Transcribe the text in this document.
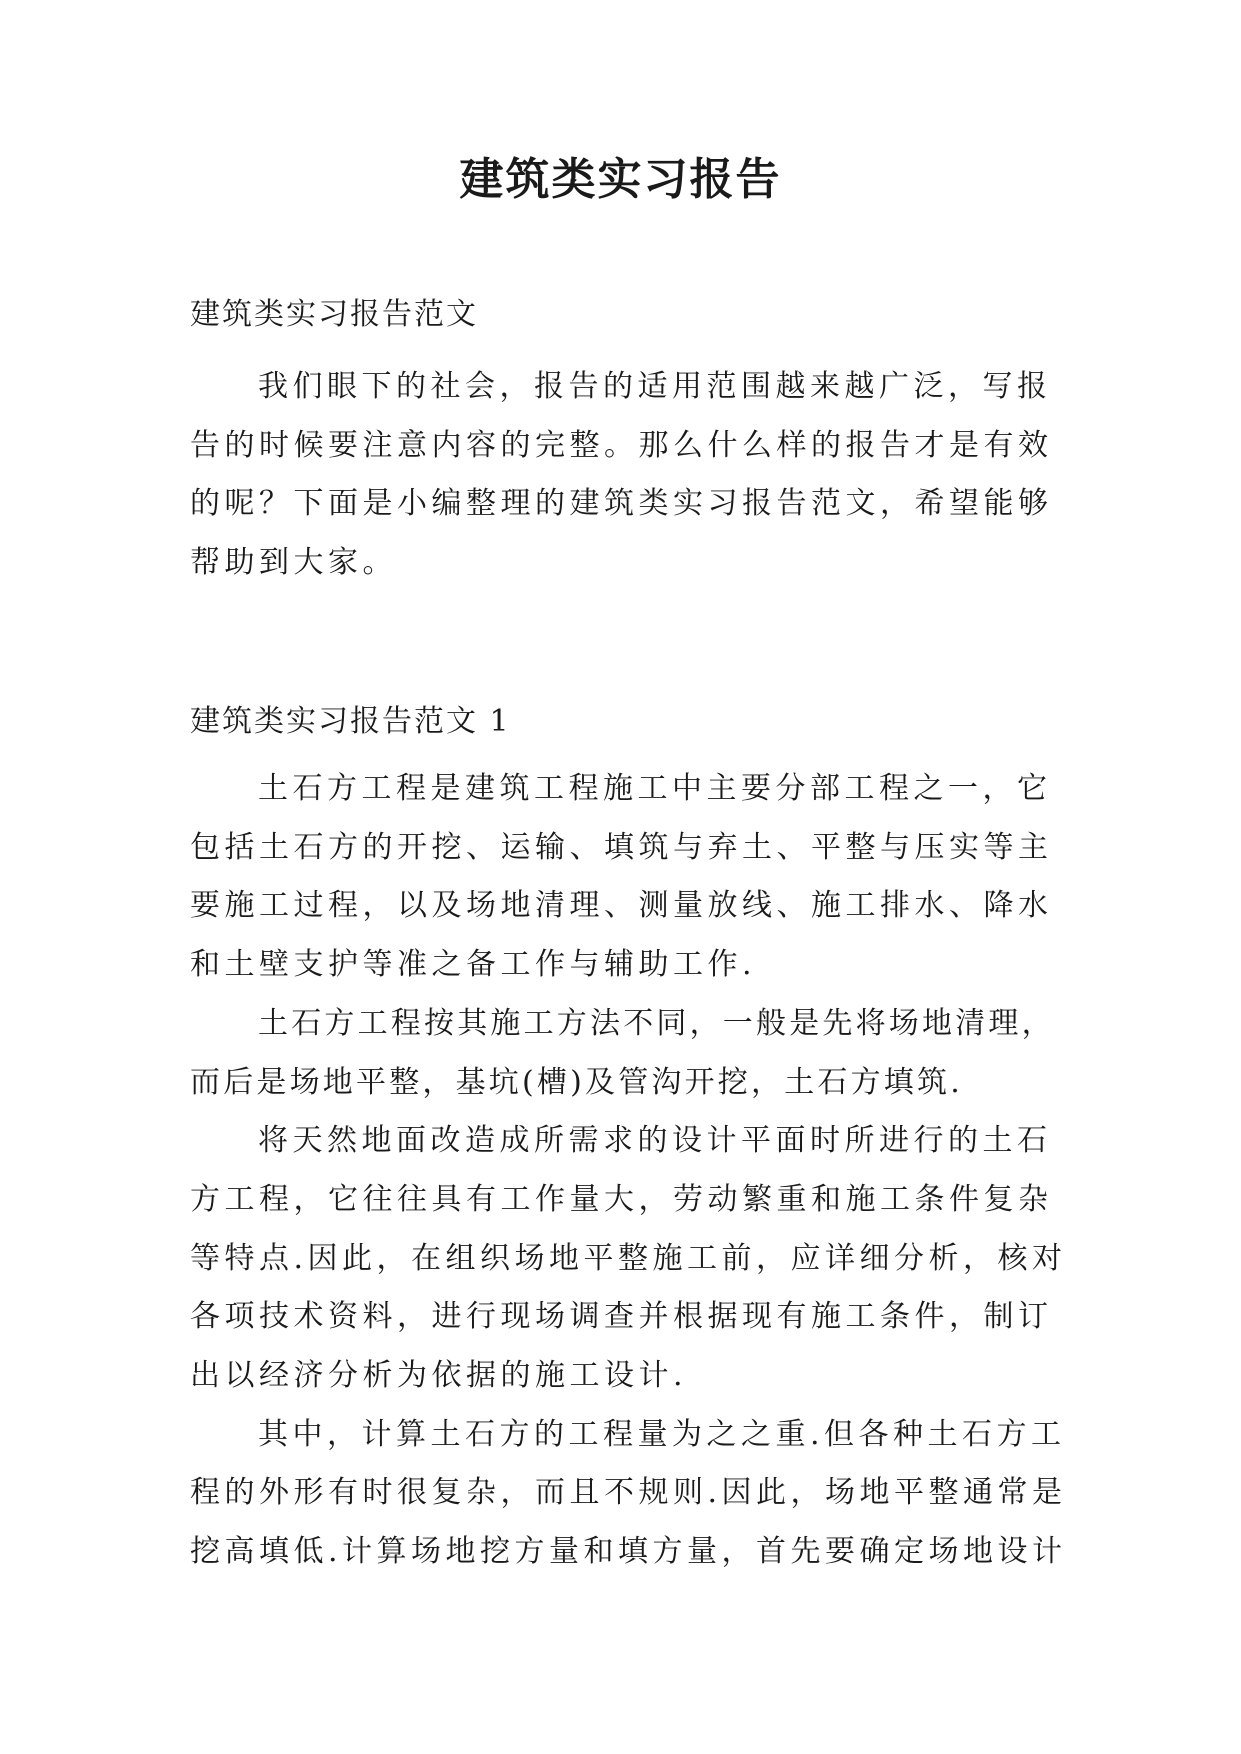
建筑类实习报告

建筑类实习报告范文

我们眼下的社会，报告的适用范围越来越广泛，写报告的时候要注意内容的完整。那么什么样的报告才是有效的呢？下面是小编整理的建筑类实习报告范文，希望能够帮助到大家。

建筑类实习报告范文 1

土石方工程是建筑工程施工中主要分部工程之一，它包括土石方的开挖、运输、填筑与弃土、平整与压实等主要施工过程，以及场地清理、测量放线、施工排水、降水和土壁支护等准之备工作与辅助工作.

土石方工程按其施工方法不同，一般是先将场地清理，而后是场地平整，基坑(槽)及管沟开挖，土石方填筑.

将天然地面改造成所需求的设计平面时所进行的土石方工程，它往往具有工作量大，劳动繁重和施工条件复杂等特点.因此，在组织场地平整施工前，应详细分析，核对各项技术资料，进行现场调查并根据现有施工条件，制订出以经济分析为依据的施工设计.

其中，计算土石方的工程量为之之重.但各种土石方工程的外形有时很复杂，而且不规则.因此，场地平整通常是挖高填低.计算场地挖方量和填方量，首先要确定场地设计
